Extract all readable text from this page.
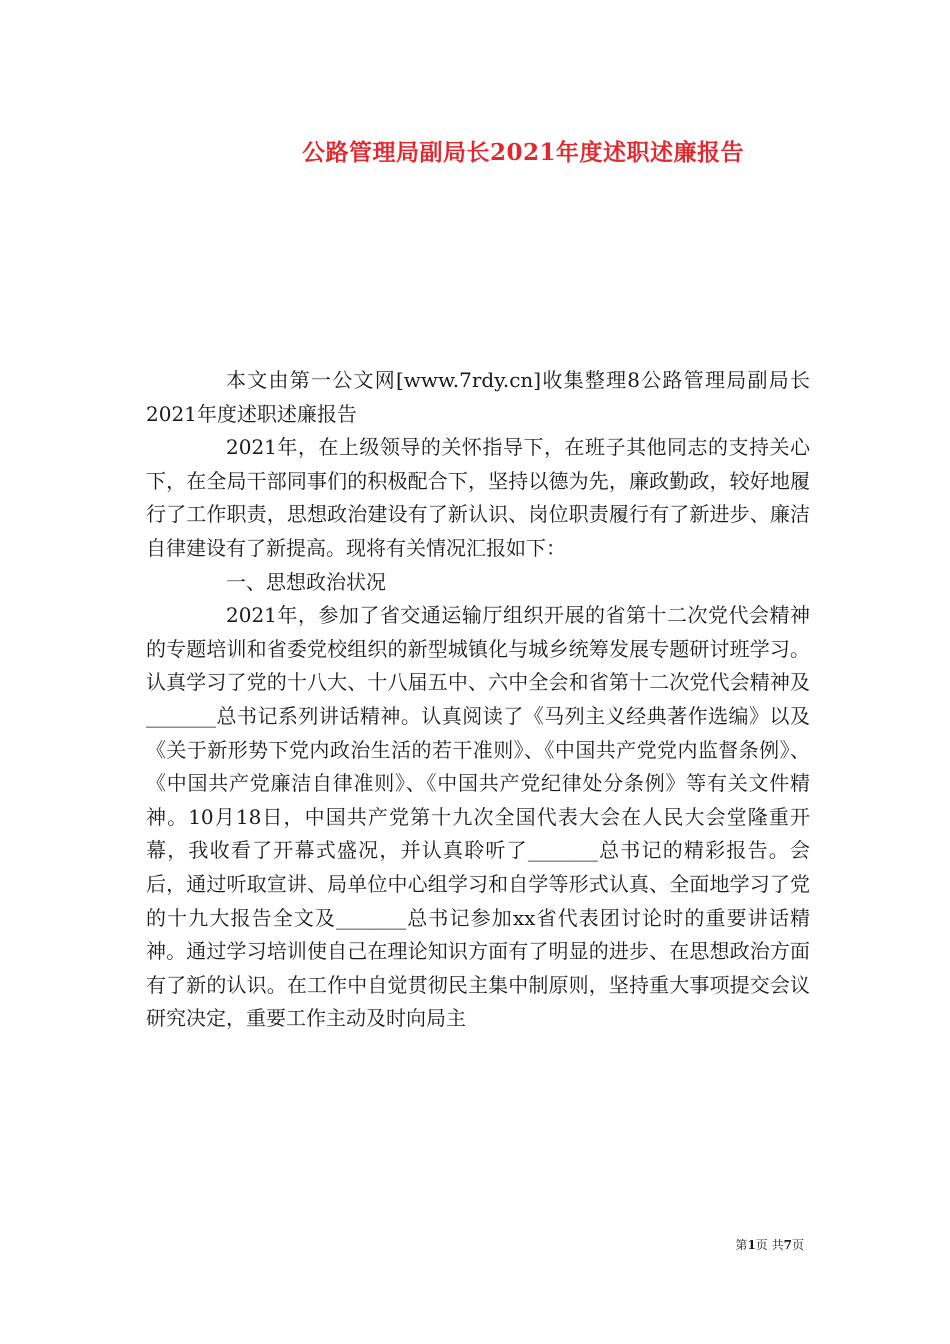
公路管理局副局长2021年度述职述廉报告

本文由第一公文网[www.7rdy.cn]收集整理8公路管理局副局长2021年度述职述廉报告

2021年，在上级领导的关怀指导下，在班子其他同志的支持关心下，在全局干部同事们的积极配合下，坚持以德为先，廉政勤政，较好地履行了工作职责，思想政治建设有了新认识、岗位职责履行有了新进步、廉洁自律建设有了新提高。现将有关情况汇报如下：

一、思想政治状况

2021年，参加了省交通运输厅组织开展的省第十二次党代会精神的专题培训和省委党校组织的新型城镇化与城乡统筹发展专题研讨班学习。认真学习了党的十八大、十八届五中、六中全会和省第十二次党代会精神及_______总书记系列讲话精神。认真阅读了《马列主义经典著作选编》以及《关于新形势下党内政治生活的若干准则》、《中国共产党党内监督条例》、《中国共产党廉洁自律准则》、《中国共产党纪律处分条例》等有关文件精神。10月18日，中国共产党第十九次全国代表大会在人民大会堂隆重开幕，我收看了开幕式盛况，并认真聆听了_______总书记的精彩报告。会后，通过听取宣讲、局单位中心组学习和自学等形式认真、全面地学习了党的十九大报告全文及_______总书记参加xx省代表团讨论时的重要讲话精神。通过学习培训使自己在理论知识方面有了明显的进步、在思想政治方面有了新的认识。在工作中自觉贯彻民主集中制原则，坚持重大事项提交会议研究决定，重要工作主动及时向局主

第1页 共7页
